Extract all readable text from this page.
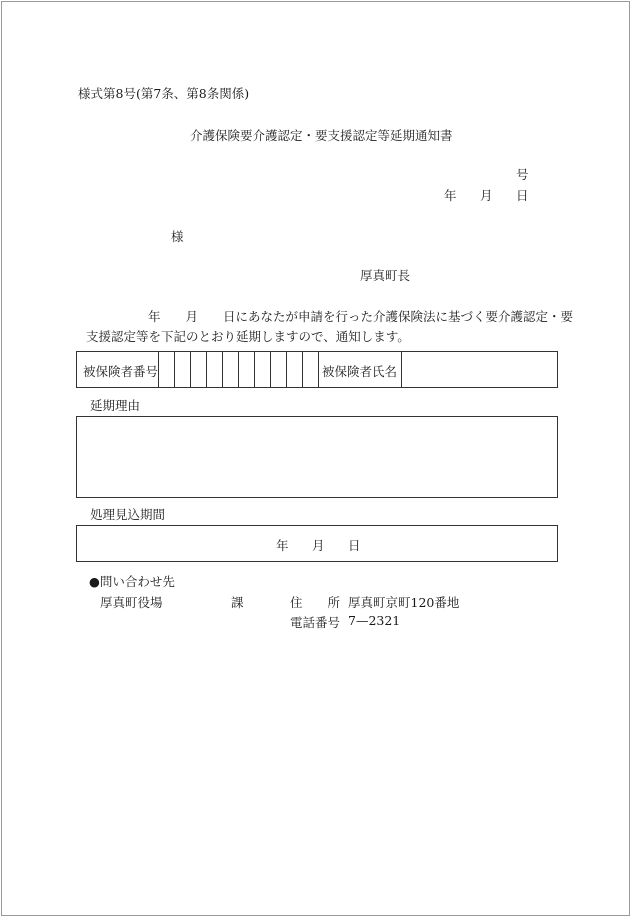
様式第8号(第7条、第8条関係)
介護保険要介護認定・要支援認定等延期通知書
号
年 月 日
様
厚真町長
年　　月　　日にあなたが申請を行った介護保険法に基づく要介護認定・要
支援認定等を下記のとおり延期しますので、通知します。
被保険者番号	被保険者氏名
延期理由
処理見込期間
年 月 日
●問い合わせ先
厚真町役場	課	住　　所 厚真町京町120番地
電話番号 7—2321
